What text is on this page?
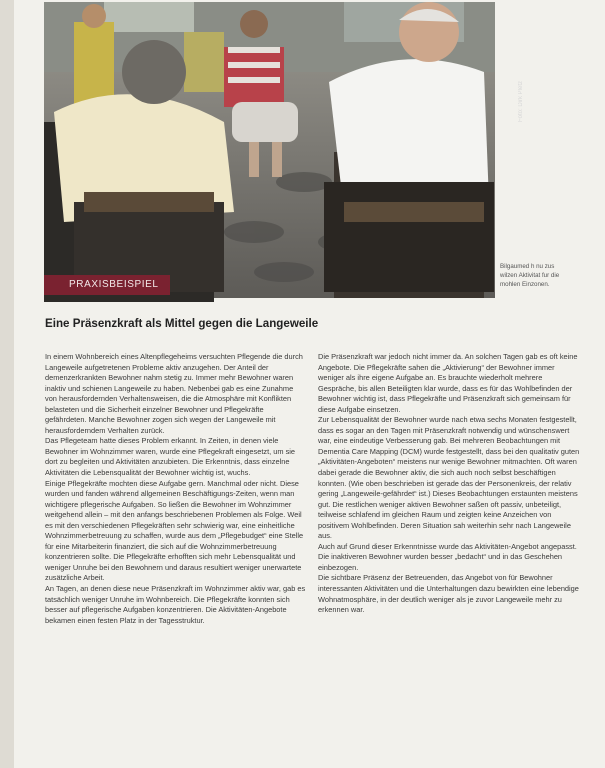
Foto: Dirk Pletz
PRAXISBEISPIEL
Bilgaumed h nu zus wilzen Aktivitat fur die mohlen Einzonen.
Eine Präsenzkraft als Mittel gegen die Langeweile

In einem Wohnbereich eines Altenpflegeheims versuchten Pflegende die durch Langeweile aufgetretenen Probleme aktiv anzugehen. Der Anteil der demenzerkrankten Bewohner nahm stetig zu. Immer mehr Bewohner waren inaktiv und schienen Langeweile zu haben. Nebenbei gab es eine Zunahme von herausfordernden Verhaltensweisen, die die Atmosphäre mit Konflikten belasteten und die Sicherheit einzelner Bewohner und Pflegekräfte gefährdeten. Manche Bewohner zogen sich wegen der Langeweile mit herausforderndem Verhalten zurück.

Das Pflegeteam hatte dieses Problem erkannt. In Zeiten, in denen viele Bewohner im Wohnzimmer waren, wurde eine Pflegekraft eingesetzt, um sie dort zu begleiten und Aktivitäten anzubieten. Die Erkenntnis, dass einzelne Aktivitäten die Lebensqualität der Bewohner wichtig ist, wuchs.

Einige Pflegekräfte mochten diese Aufgabe gern. Manchmal oder nicht. Diese wurden und fanden während allgemeinen Beschäftigungs-Zeiten, wenn man wichtigere pflegerische Aufgaben. So ließen die Bewohner im Wohnzimmer weitgehend allein – mit den anfangs beschriebenen Problemen als Folge. Weil es mit den verschiedenen Pflegekräften sehr schwierig war, eine einheitliche Wohnzimmerbetreuung zu schaffen, wurde aus dem „Pflegebudget“ eine Stelle für eine Mitarbeiterin finanziert, die sich auf die Wohnzimmerbetreuung konzentrieren sollte. Die Pflegekräfte erhofften sich mehr Lebensqualität und weniger Unruhe bei den Bewohnern und daraus resultiert weniger unerwartete zusätzliche Arbeit.

An Tagen, an denen diese neue Präsenzkraft im Wohnzimmer aktiv war, gab es tatsächlich weniger Unruhe im Wohnbereich. Die Pflegekräfte konnten sich besser auf pflegerische Aufgaben konzentrieren. Die Aktivitäten-Angebote bekamen einen festen Platz in der Tagesstruktur.

Die Präsenzkraft war jedoch nicht immer da. An solchen Tagen gab es oft keine Angebote. Die Pflegekräfte sahen die „Aktivierung“ der Bewohner immer weniger als ihre eigene Aufgabe an. Es brauchte wiederholt mehrere Gespräche, bis allen Beteiligten klar wurde, dass es für das Wohlbefinden der Bewohner wichtig ist, dass Pflegekräfte und Präsenzkraft sich gemeinsam für diese Aufgabe einsetzen.

Zur Lebensqualität der Bewohner wurde nach etwa sechs Monaten festgestellt, dass es sogar an den Tagen mit Präsenzkraft notwendig und wünschenswert war, eine eindeutige Verbesserung gab. Bei mehreren Beobachtungen mit Dementia Care Mapping (DCM) wurde festgestellt, dass bei den qualitativ guten „Aktivitäten-Angeboten“ meistens nur wenige Bewohner mitmachten. Oft waren dabei gerade die Bewohner aktiv, die sich auch noch selbst beschäftigen konnten. (Wie oben beschrieben ist gerade das der Personenkreis, der relativ gering „Langeweile-gefährdet“ ist.) Dieses Beobachtungen erstaunten meistens gut. Die restlichen weniger aktiven Bewohner saßen oft passiv, unbeteiligt, teilweise schlafend im gleichen Raum und zeigten keine Anzeichen von positivem Wohlbefinden. Deren Situation sah weiterhin sehr nach Langeweile aus.

Auch auf Grund dieser Erkenntnisse wurde das Aktivitäten-Angebot angepasst. Die inaktiveren Bewohner wurden besser „bedacht“ und in das Geschehen einbezogen.

Die sichtbare Präsenz der Betreuenden, das Angebot von für Bewohner interessanten Aktivitäten und die Unterhaltungen dazu bewirkten eine lebendige Wohnatmosphäre, in der deutlich weniger als je zuvor Langeweile mehr zu erkennen war.
